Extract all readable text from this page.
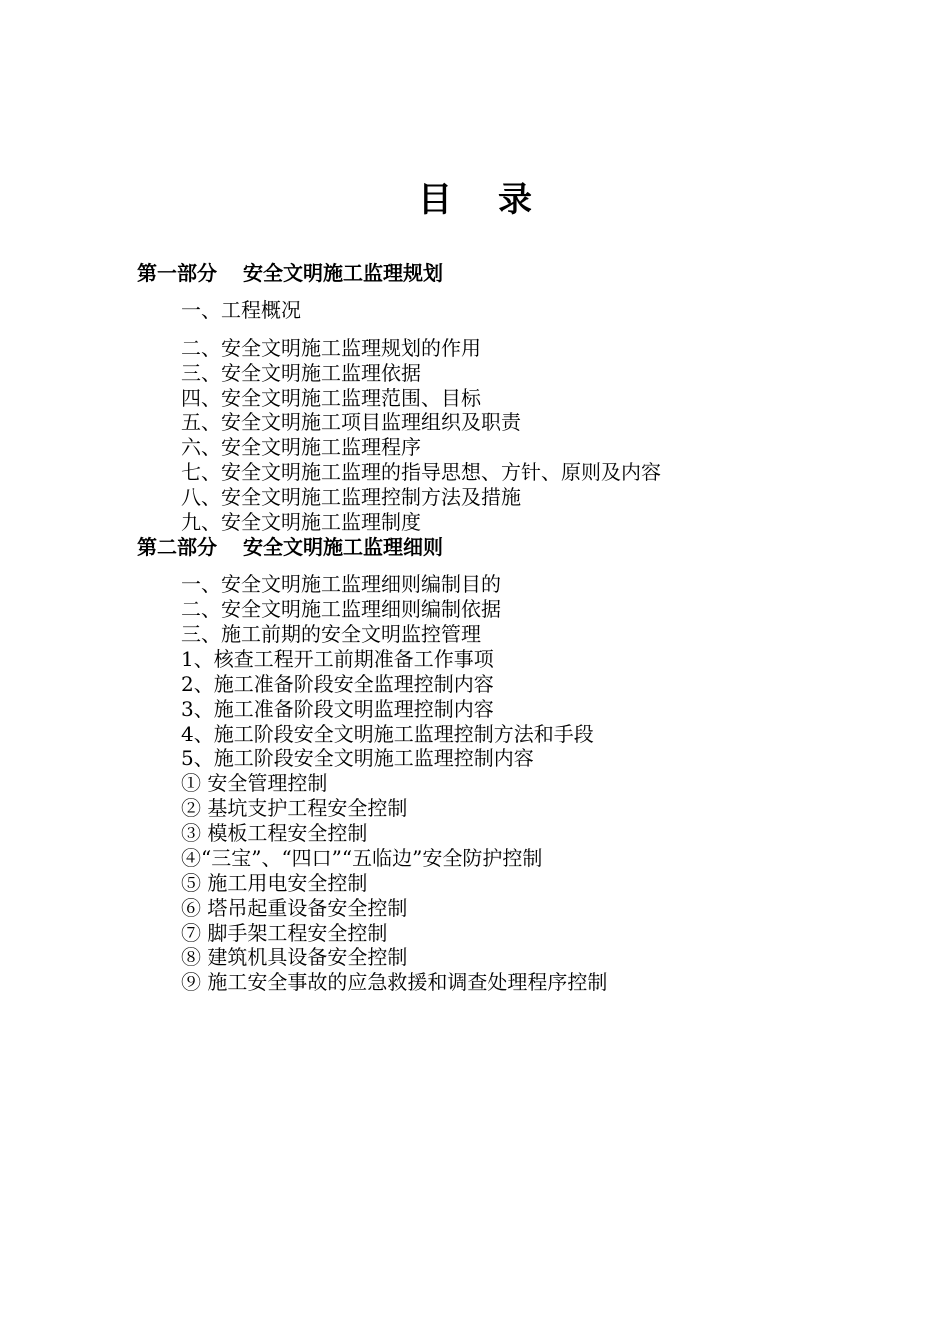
目录
第一部分 安全文明施工监理规划
一、工程概况
二、安全文明施工监理规划的作用
三、安全文明施工监理依据
四、安全文明施工监理范围、目标
五、安全文明施工项目监理组织及职责
六、安全文明施工监理程序
七、安全文明施工监理的指导思想、方针、原则及内容
八、安全文明施工监理控制方法及措施
九、安全文明施工监理制度
第二部分 安全文明施工监理细则
一、安全文明施工监理细则编制目的
二、安全文明施工监理细则编制依据
三、施工前期的安全文明监控管理
1、核查工程开工前期准备工作事项
2、施工准备阶段安全监理控制内容
3、施工准备阶段文明监理控制内容
4、施工阶段安全文明施工监理控制方法和手段
5、施工阶段安全文明施工监理控制内容
① 安全管理控制
② 基坑支护工程安全控制
③ 模板工程安全控制
④“三宝”、“四口”“五临边”安全防护控制
⑤ 施工用电安全控制
⑥ 塔吊起重设备安全控制
⑦ 脚手架工程安全控制
⑧ 建筑机具设备安全控制
⑨ 施工安全事故的应急救援和调查处理程序控制
